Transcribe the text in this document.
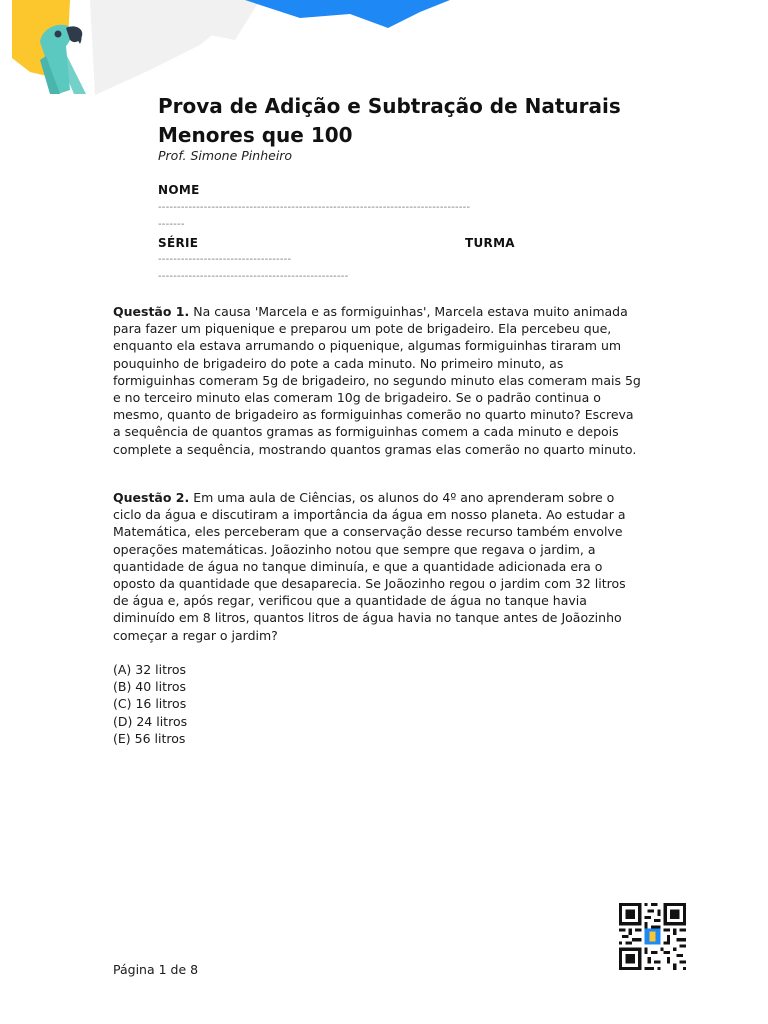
Prova de Adição e Subtração de Naturais Menores que 100
Prof. Simone Pinheiro
NOME
----------------------------------------------------------------------------------
-------
SÉRIE	TURMA
-----------------------------------
--------------------------------------------------
Questão 1. Na causa 'Marcela e as formiguinhas', Marcela estava muito animada para fazer um piquenique e preparou um pote de brigadeiro. Ela percebeu que, enquanto ela estava arrumando o piquenique, algumas formiguinhas tiraram um pouquinho de brigadeiro do pote a cada minuto. No primeiro minuto, as formiguinhas comeram 5g de brigadeiro, no segundo minuto elas comeram mais 5g e no terceiro minuto elas comeram 10g de brigadeiro. Se o padrão continua o mesmo, quanto de brigadeiro as formiguinhas comerão no quarto minuto? Escreva a sequência de quantos gramas as formiguinhas comem a cada minuto e depois complete a sequência, mostrando quantos gramas elas comerão no quarto minuto.
Questão 2. Em uma aula de Ciências, os alunos do 4º ano aprenderam sobre o ciclo da água e discutiram a importância da água em nosso planeta. Ao estudar a Matemática, eles perceberam que a conservação desse recurso também envolve operações matemáticas. Joãozinho notou que sempre que regava o jardim, a quantidade de água no tanque diminuía, e que a quantidade adicionada era o oposto da quantidade que desaparecia. Se Joãozinho regou o jardim com 32 litros de água e, após regar, verificou que a quantidade de água no tanque havia diminuído em 8 litros, quantos litros de água havia no tanque antes de Joãozinho começar a regar o jardim?
(A) 32 litros
(B) 40 litros
(C) 16 litros
(D) 24 litros
(E) 56 litros
Página 1 de 8
